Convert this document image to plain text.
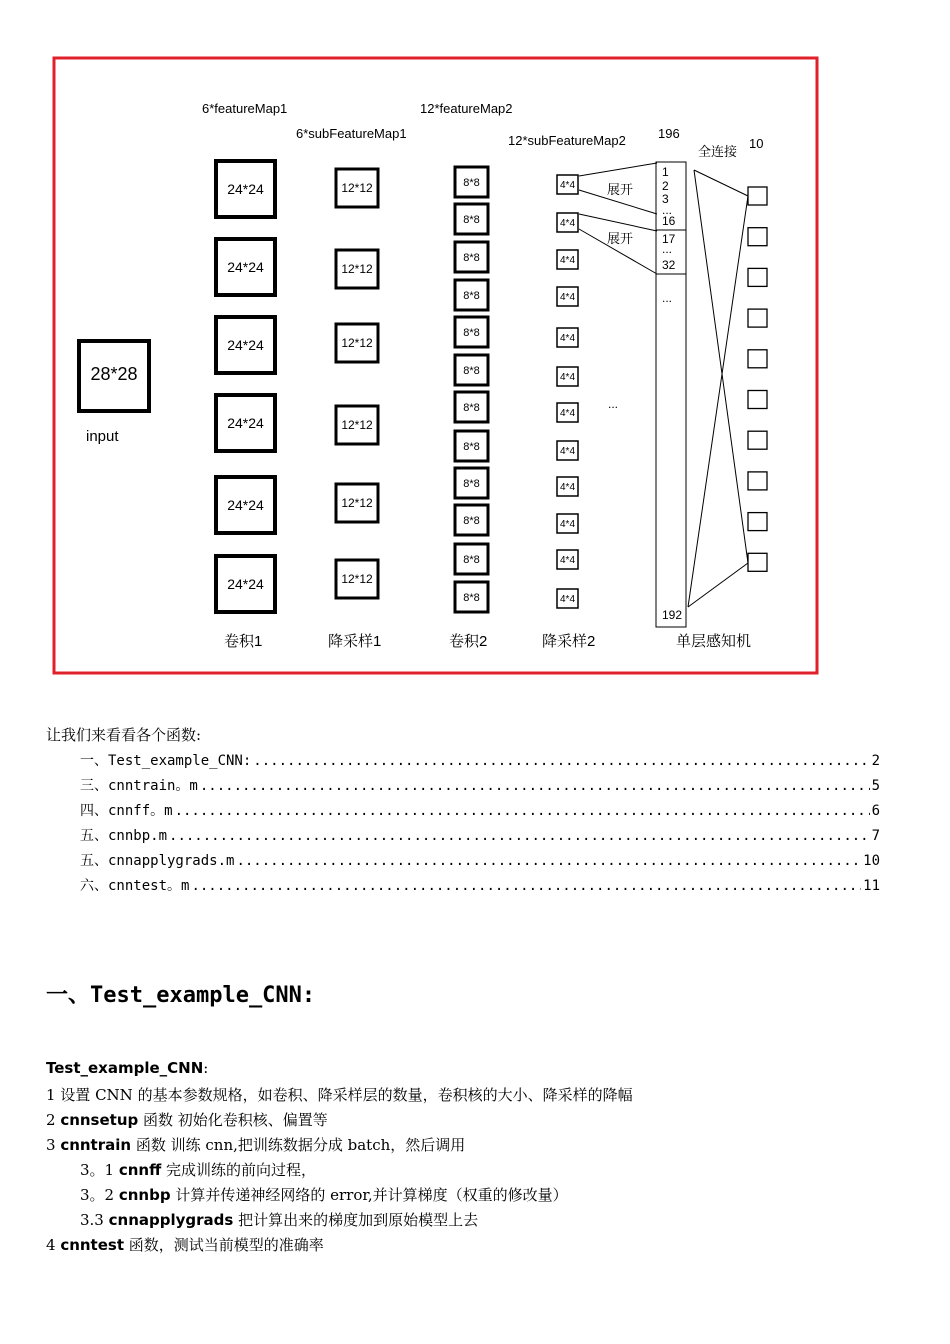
6*featureMap1	12*featureMap2
6*subFeatureMap1	12*subFeatureMap2 196
全连接
10
28*28
input
24*24
24*24
24*24
24*24
24*24
24*24
12*12
12*12
12*12
12*12
12*12
12*12
8*8
8*8
8*8
8*8
8*8
8*8
8*8
8*8
8*8
8*8
8*8
8*8
4*4
4*4
4*4
4*4
4*4
4*4
4*4
4*4
4*4
4*4
4*4
4*4
展开
展开
...
1
2
3
...
16
17
...
32
...
192
卷积1	降采样1	卷积2	降采样2	单层感知机
让我们来看看各个函数:
一、Test_example_CNN: .....	2
三、cnntrain。m .....	5
四、cnnff。m .....	6
五、cnnbp.m .....	7
五、cnnapplygrads.m .....	10
六、cnntest。m .....	11
一、Test_example_CNN:
Test_example_CNN:
1 设置 CNN 的基本参数规格，如卷积、降采样层的数量，卷积核的大小、降采样的降幅
2 cnnsetup 函数 初始化卷积核、偏置等
3 cnntrain 函数 训练 cnn,把训练数据分成 batch，然后调用
3。1 cnnff 完成训练的前向过程，
3。2 cnnbp 计算并传递神经网络的 error,并计算梯度（权重的修改量）
3.3 cnnapplygrads 把计算出来的梯度加到原始模型上去
4 cnntest 函数，测试当前模型的准确率
